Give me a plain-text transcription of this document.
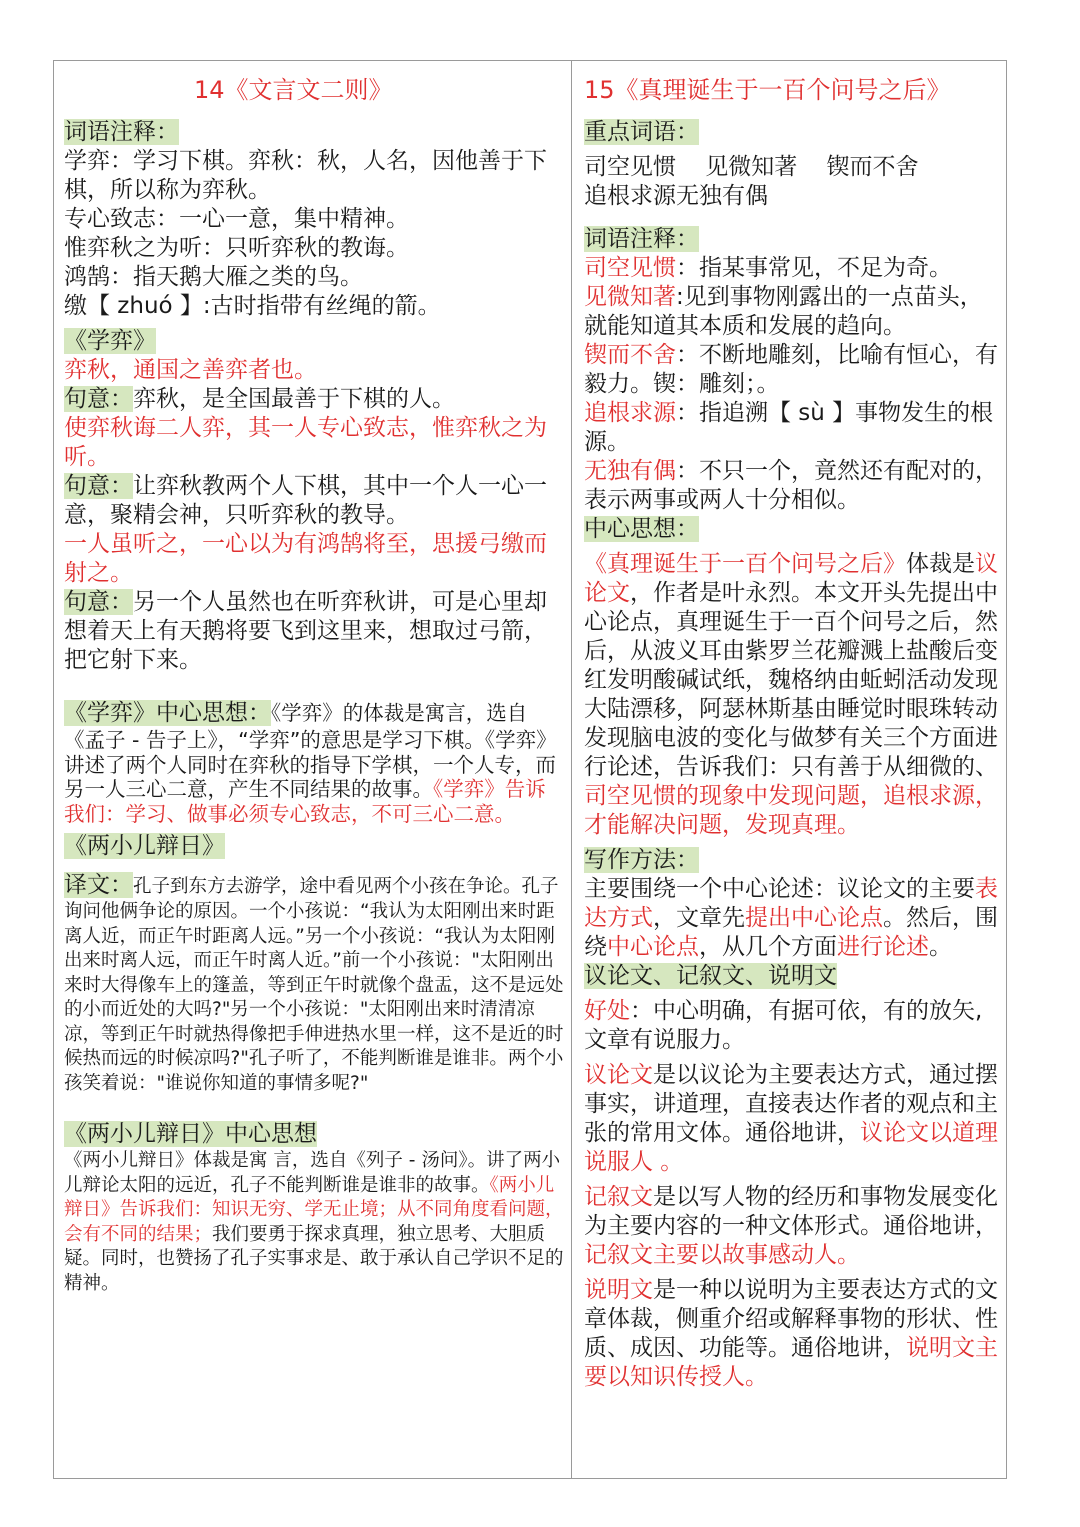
14《文言文二则》

词语注释：

学弈：学习下棋。弈秋：秋，人名，因他善于下棋，所以称为弈秋。

专心致志：一心一意，集中精神。

惟弈秋之为听：只听弈秋的教诲。

鸿鹄：指天鹅大雁之类的鸟。

缴【 zhuó 】:古时指带有丝绳的箭。

《学弈》

弈秋，通国之善弈者也。

句意：弈秋，是全国最善于下棋的人。

使弈秋诲二人弈，其一人专心致志，惟弈秋之为听。

句意：让弈秋教两个人下棋，其中一个人一心一意，聚精会神，只听弈秋的教导。

一人虽听之，一心以为有鸿鹄将至，思援弓缴而射之。

句意：另一个人虽然也在听弈秋讲，可是心里却想着天上有天鹅将要飞到这里来，想取过弓箭，把它射下来。

《学弈》中心思想：《学弈》的体裁是寓言，选自《孟子 - 告子上》，“学弈”的意思是学习下棋。《学弈》讲述了两个人同时在弈秋的指导下学棋，一个人专，而另一人三心二意，产生不同结果的故事。《学弈》告诉我们：学习、做事必须专心致志，不可三心二意。

《两小儿辩日》

译文：孔子到东方去游学，途中看见两个小孩在争论。孔子询问他俩争论的原因。一个小孩说：“我认为太阳刚出来时距离人近，而正午时距离人远。”另一个小孩说：“我认为太阳刚出来时离人远，而正午时离人近。”前一个小孩说："太阳刚出来时大得像车上的篷盖，等到正午时就像个盘盂，这不是远处的小而近处的大吗?"另一个小孩说："太阳刚出来时清清凉凉，等到正午时就热得像把手伸进热水里一样，这不是近的时候热而远的时候凉吗?"孔子听了，不能判断谁是谁非。两个小孩笑着说："谁说你知道的事情多呢?"

《两小儿辩日》中心思想

《两小儿辩日》体裁是寓 言，选自《列子 - 汤问》。讲了两小儿辩论太阳的远近，孔子不能判断谁是谁非的故事。《两小儿辩日》告诉我们：知识无穷、学无止境；从不同角度看问题，会有不同的结果；我们要勇于探求真理，独立思考、大胆质疑。同时，也赞扬了孔子实事求是、敢于承认自己学识不足的精神。

15《真理诞生于一百个问号之后》

重点词语：

司空见惯    见微知著    锲而不舍

追根求源无独有偶

词语注释：

司空见惯：指某事常见，不足为奇。

见微知著:见到事物刚露出的一点苗头，就能知道其本质和发展的趋向。

锲而不舍：不断地雕刻，比喻有恒心，有毅力。锲：雕刻；。

追根求源：指追溯【 sù 】事物发生的根源。

无独有偶：不只一个，竟然还有配对的，表示两事或两人十分相似。

中心思想：

《真理诞生于一百个问号之后》体裁是议论文，作者是叶永烈。本文开头先提出中心论点，真理诞生于一百个问号之后，然后，从波义耳由紫罗兰花瓣溅上盐酸后变红发明酸碱试纸，魏格纳由蚯蚓活动发现大陆漂移，阿瑟林斯基由睡觉时眼珠转动发现脑电波的变化与做梦有关三个方面进行论述，告诉我们：只有善于从细微的、司空见惯的现象中发现问题，追根求源，才能解决问题，发现真理。

写作方法：

主要围绕一个中心论述：议论文的主要表达方式，文章先提出中心论点。然后，围绕中心论点，从几个方面进行论述。

议论文、记叙文、说明文

好处：中心明确，有据可依，有的放矢,文章有说服力。

议论文是以议论为主要表达方式，通过摆事实，讲道理，直接表达作者的观点和主张的常用文体。通俗地讲，议论文以道理说服人 。

记叙文是以写人物的经历和事物发展变化为主要内容的一种文体形式。通俗地讲，记叙文主要以故事感动人。

说明文是一种以说明为主要表达方式的文章体裁，侧重介绍或解释事物的形状、性质、成因、功能等。通俗地讲，说明文主要以知识传授人。
